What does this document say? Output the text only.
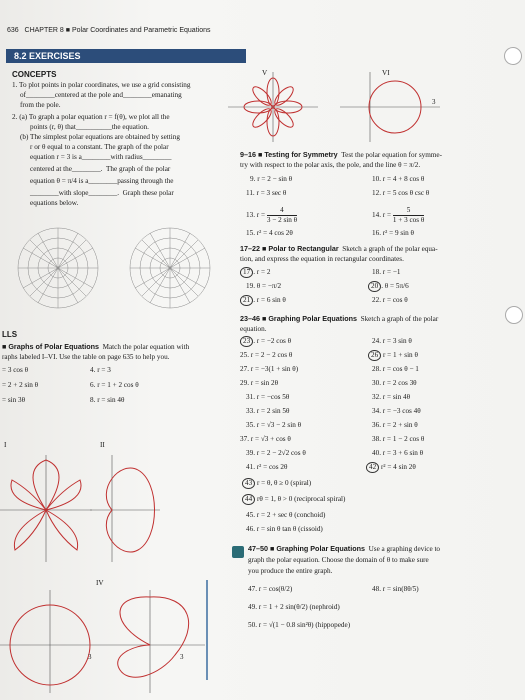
636 CHAPTER 8 ■ Polar Coordinates and Parametric Equations
8.2 EXERCISES
CONCEPTS
1. To plot points in polar coordinates, we use a grid consisting
of________centered at the pole and________emanating
from the pole.
2. (a) To graph a polar equation r = f(θ), we plot all the
points (r, θ) that__________the equation.
(b) The simplest polar equations are obtained by setting
r or θ equal to a constant. The graph of the polar
equation r = 3 is a________with radius________
centered at the________.  The graph of the polar
equation θ = π/4 is a________passing through the
________with slope________.  Graph these polar
equations below.
LLS
■ Graphs of Polar Equations Match the polar equation with
raphs labeled I–VI. Use the table on page 635 to help you.
= 3 cos θ	4. r = 3
= 2 + 2 sin θ	6. r = 1 + 2 cos θ
= sin 3θ	8. r = sin 4θ
I	II
IV
3	3
V	VI
3
9–16 ■ Testing for Symmetry Test the polar equation for symme-
try with respect to the polar axis, the pole, and the line θ = π/2.
9. r = 2 − sin θ	10. r = 4 + 8 cos θ
11. r = 3 sec θ	12. r = 5 cos θ csc θ
13. $r = \frac{4}{\text{3 − 2 sin θ}}$	14. $r = \frac{5}{\text{1 + 3 cos θ}}$
15. r² = 4 cos 2θ	16. r² = 9 sin θ
17–22 ■ Polar to Rectangular Sketch a graph of the polar equa-
tion, and express the equation in rectangular coordinates.
17 . r = 2	18. r = −1
19. θ = −π/2	20 . θ = 5π/6
21 . r = 6 sin θ	22. r = cos θ
23–46 ■ Graphing Polar Equations Sketch a graph of the polar
equation.
23 . r = −2 cos θ	24. r = 3 sin θ
25. r = 2 − 2 cos θ	26 r = 1 + sin θ
27. r = −3(1 + sin θ)	28. r = cos θ − 1
29. r = sin 2θ	30. r = 2 cos 3θ
31. r = −cos 5θ	32. r = sin 4θ
33. r = 2 sin 5θ	34. r = −3 cos 4θ
35. r = √3 − 2 sin θ	36. r = 2 + sin θ
37. r = √3 + cos θ	38. r = 1 − 2 cos θ
39. r = 2 − 2√2 cos θ	40. r = 3 + 6 sin θ
41. r² = cos 2θ	42 r² = 4 sin 2θ
43 r = θ, θ ≥ 0 (spiral)
44 rθ = 1, θ > 0 (reciprocal spiral)
45. r = 2 + sec θ (conchoid)
46. r = sin θ tan θ (cissoid)
47–50 ■ Graphing Polar Equations Use a graphing device to
graph the polar equation. Choose the domain of θ to make sure
you produce the entire graph.
47. r = cos(θ/2)	48. r = sin(8θ/5)
49. r = 1 + 2 sin(θ/2) (nephroid)
50. r = √(1 − 0.8 sin²θ) (hippopede)
